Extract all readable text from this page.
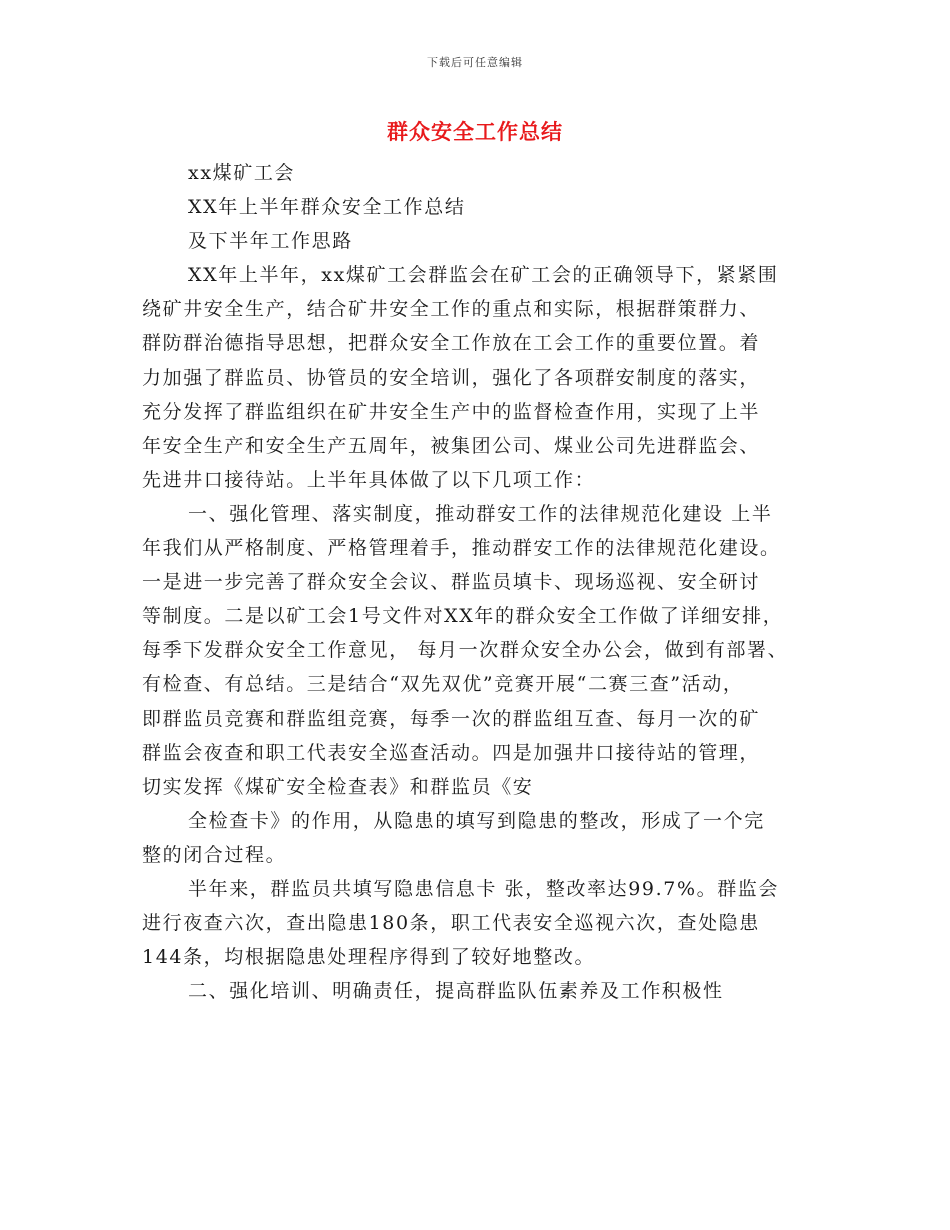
下载后可任意编辑
群众安全工作总结
xx煤矿工会
XX年上半年群众安全工作总结
及下半年工作思路
XX年上半年，xx煤矿工会群监会在矿工会的正确领导下，紧紧围
绕矿井安全生产，结合矿井安全工作的重点和实际，根据群策群力、
群防群治德指导思想，把群众安全工作放在工会工作的重要位置。着
力加强了群监员、协管员的安全培训，强化了各项群安制度的落实，
充分发挥了群监组织在矿井安全生产中的监督检查作用，实现了上半
年安全生产和安全生产五周年，被集团公司、煤业公司先进群监会、
先进井口接待站。上半年具体做了以下几项工作：
一、强化管理、落实制度，推动群安工作的法律规范化建设 上半
年我们从严格制度、严格管理着手，推动群安工作的法律规范化建设。
一是进一步完善了群众安全会议、群监员填卡、现场巡视、安全研讨
等制度。二是以矿工会1号文件对XX年的群众安全工作做了详细安排，
每季下发群众安全工作意见， 每月一次群众安全办公会，做到有部署、
有检查、有总结。三是结合“双先双优”竞赛开展“二赛三查”活动，
即群监员竞赛和群监组竞赛，每季一次的群监组互查、每月一次的矿
群监会夜查和职工代表安全巡查活动。四是加强井口接待站的管理，
切实发挥《煤矿安全检查表》和群监员《安
全检查卡》的作用，从隐患的填写到隐患的整改，形成了一个完
整的闭合过程。
半年来，群监员共填写隐患信息卡 张，整改率达99.7%。群监会
进行夜查六次，查出隐患180条，职工代表安全巡视六次，查处隐患
144条，均根据隐患处理程序得到了较好地整改。
二、强化培训、明确责任，提高群监队伍素养及工作积极性
